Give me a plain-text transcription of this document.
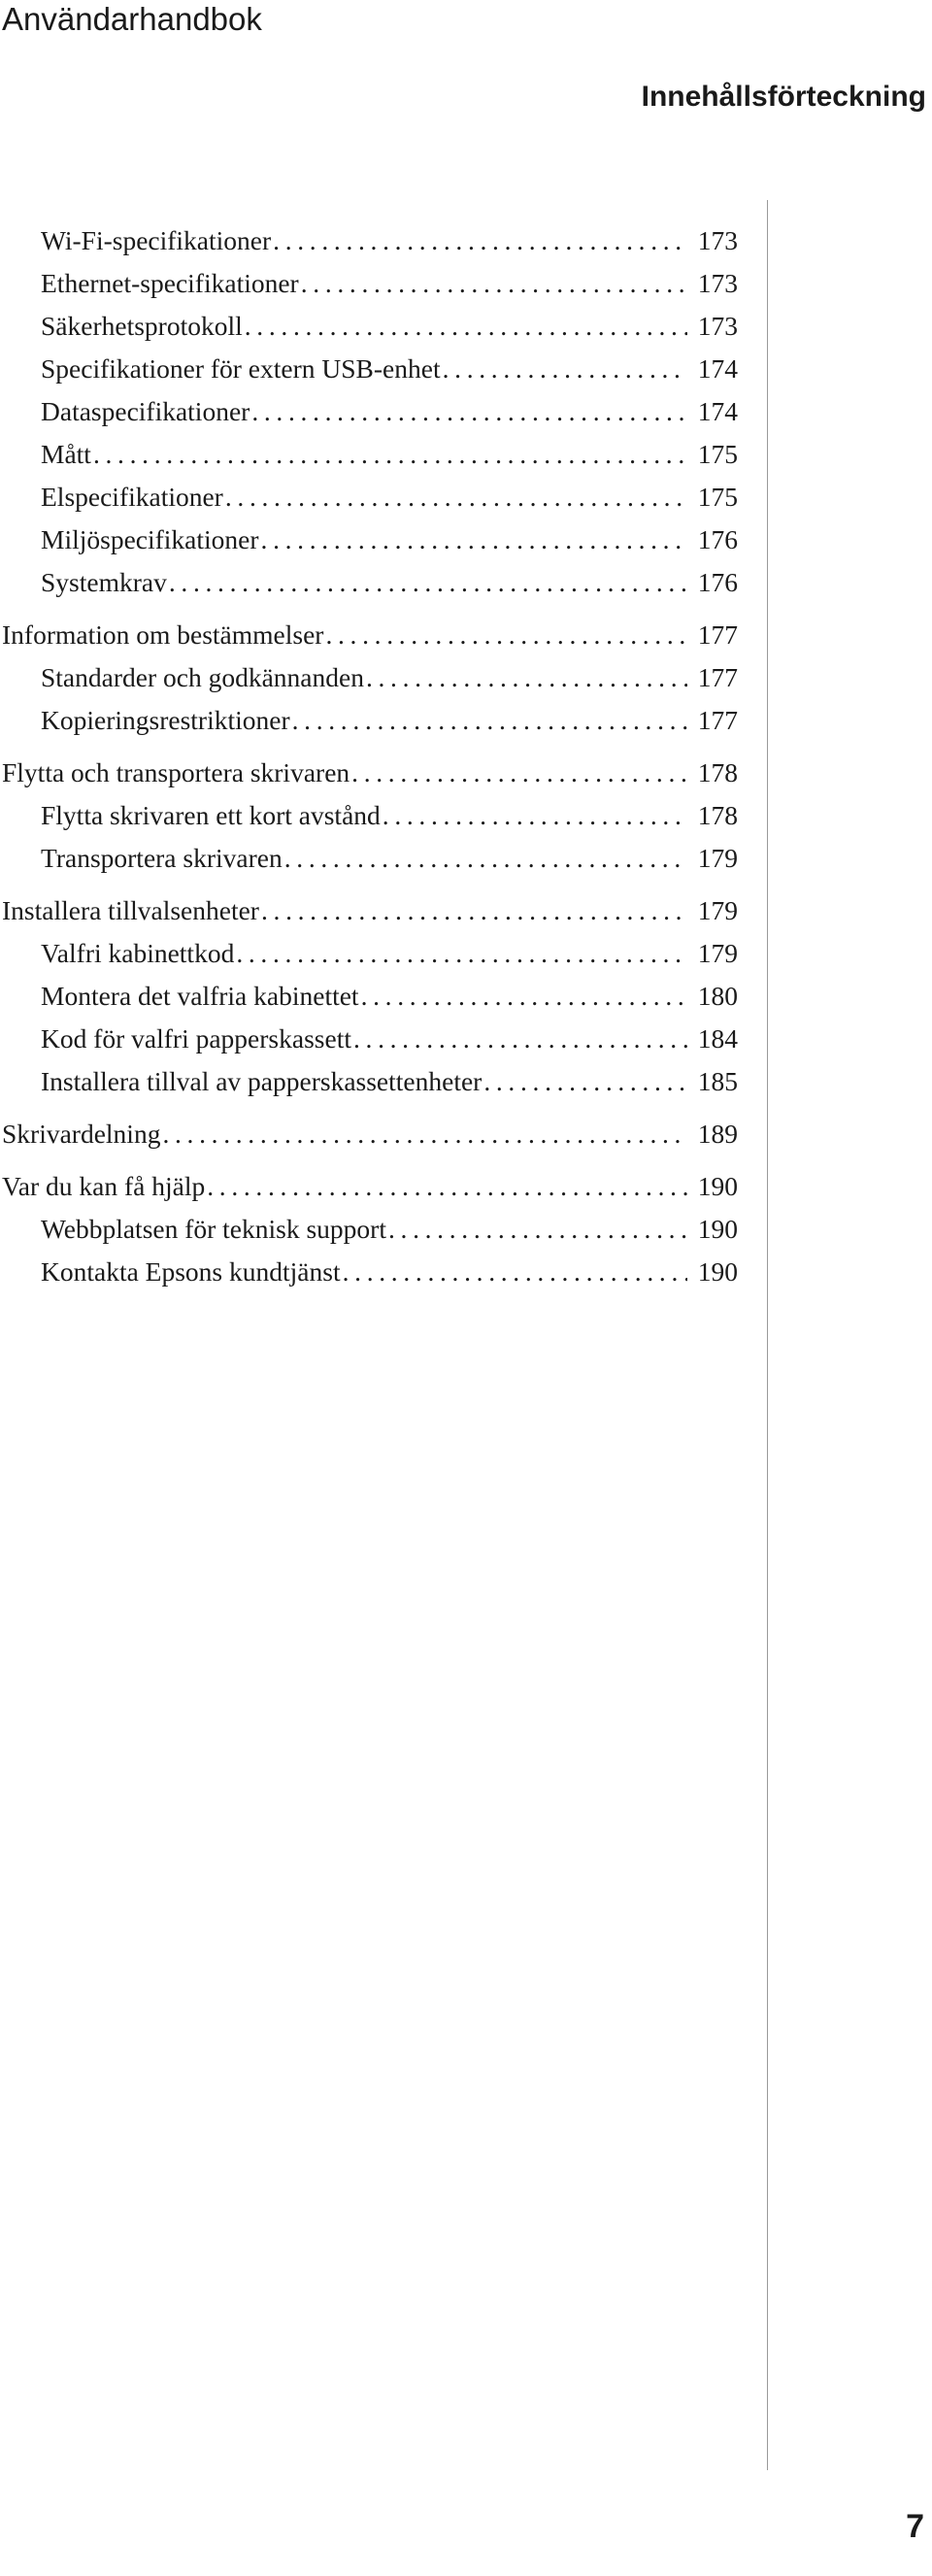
Användarhandbok
Innehållsförteckning
Wi-Fi-specifikationer . . .	173
Ethernet-specifikationer . . .	173
Säkerhetsprotokoll . . .	173
Specifikationer för extern USB-enhet . . .	174
Dataspecifikationer . . .	174
Mått . . .	175
Elspecifikationer . . .	175
Miljöspecifikationer . . .	176
Systemkrav . . .	176
Information om bestämmelser . . .	177
Standarder och godkännanden . . .	177
Kopieringsrestriktioner . . .	177
Flytta och transportera skrivaren . . .	178
Flytta skrivaren ett kort avstånd . . .	178
Transportera skrivaren . . .	179
Installera tillvalsenheter . . .	179
Valfri kabinettkod . . .	179
Montera det valfria kabinettet . . .	180
Kod för valfri papperskassett . . .	184
Installera tillval av papperskassettenheter . . .	185
Skrivardelning . . .	189
Var du kan få hjälp . . .	190
Webbplatsen för teknisk support . . .	190
Kontakta Epsons kundtjänst . . .	190
7
